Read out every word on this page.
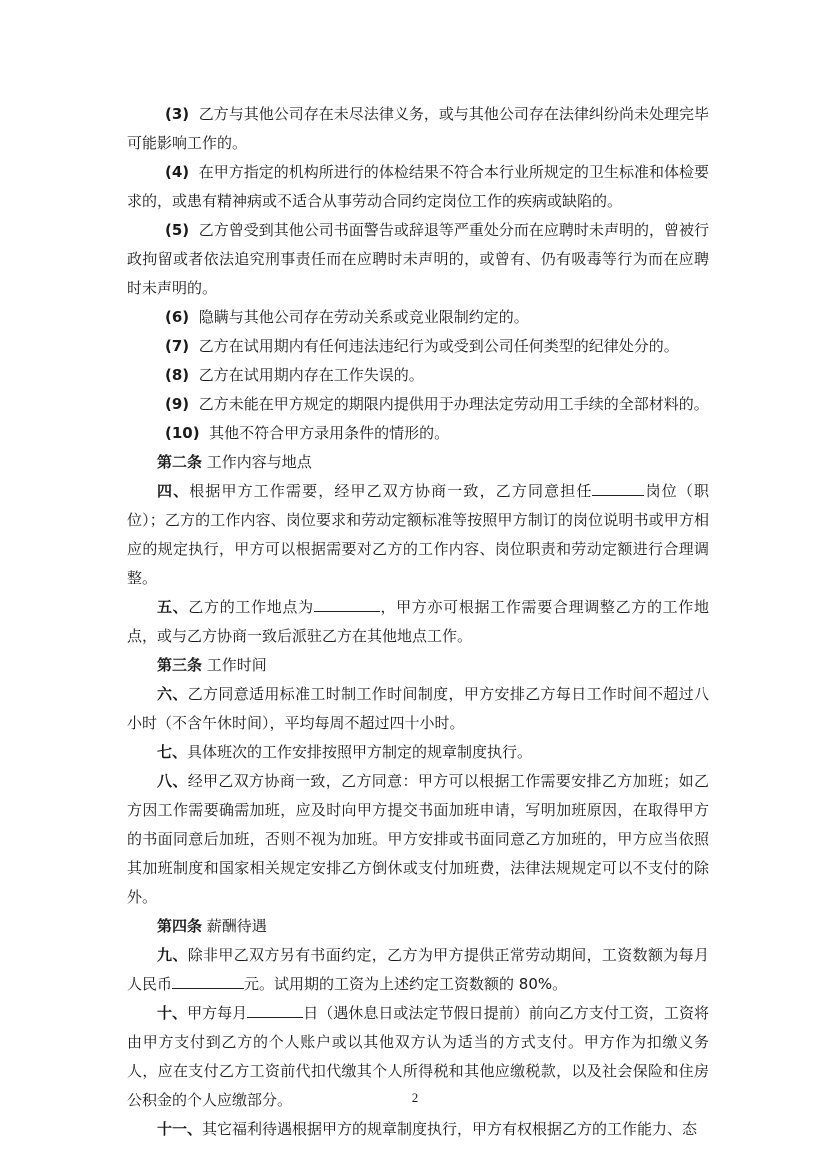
(3) 乙方与其他公司存在未尽法律义务，或与其他公司存在法律纠纷尚未处理完毕可能影响工作的。

(4) 在甲方指定的机构所进行的体检结果不符合本行业所规定的卫生标准和体检要求的，或患有精神病或不适合从事劳动合同约定岗位工作的疾病或缺陷的。

(5) 乙方曾受到其他公司书面警告或辞退等严重处分而在应聘时未声明的，曾被行政拘留或者依法追究刑事责任而在应聘时未声明的，或曾有、仍有吸毒等行为而在应聘时未声明的。

(6) 隐瞒与其他公司存在劳动关系或竞业限制约定的。

(7) 乙方在试用期内有任何违法违纪行为或受到公司任何类型的纪律处分的。

(8) 乙方在试用期内存在工作失误的。

(9) 乙方未能在甲方规定的期限内提供用于办理法定劳动用工手续的全部材料的。

(10) 其他不符合甲方录用条件的情形的。

第二条 工作内容与地点

四、根据甲方工作需要，经甲乙双方协商一致，乙方同意担任	岗位（职位）；乙方的工作内容、岗位要求和劳动定额标准等按照甲方制订的岗位说明书或甲方相应的规定执行，甲方可以根据需要对乙方的工作内容、岗位职责和劳动定额进行合理调整。

五、乙方的工作地点为	，甲方亦可根据工作需要合理调整乙方的工作地点，或与乙方协商一致后派驻乙方在其他地点工作。

第三条 工作时间

六、乙方同意适用标准工时制工作时间制度，甲方安排乙方每日工作时间不超过八小时（不含午休时间），平均每周不超过四十小时。

七、具体班次的工作安排按照甲方制定的规章制度执行。

八、经甲乙双方协商一致，乙方同意：甲方可以根据工作需要安排乙方加班；如乙方因工作需要确需加班，应及时向甲方提交书面加班申请，写明加班原因，在取得甲方的书面同意后加班，否则不视为加班。甲方安排或书面同意乙方加班的，甲方应当依照其加班制度和国家相关规定安排乙方倒休或支付加班费，法律法规规定可以不支付的除外。

第四条 薪酬待遇

九、除非甲乙双方另有书面约定，乙方为甲方提供正常劳动期间，工资数额为每月人民币	元。试用期的工资为上述约定工资数额的 80%。

十、甲方每月	日（遇休息日或法定节假日提前）前向乙方支付工资，工资将由甲方支付到乙方的个人账户或以其他双方认为适当的方式支付。甲方作为扣缴义务人，应在支付乙方工资前代扣代缴其个人所得税和其他应缴税款，以及社会保险和住房公积金的个人应缴部分。

十一、其它福利待遇根据甲方的规章制度执行，甲方有权根据乙方的工作能力、态

2
